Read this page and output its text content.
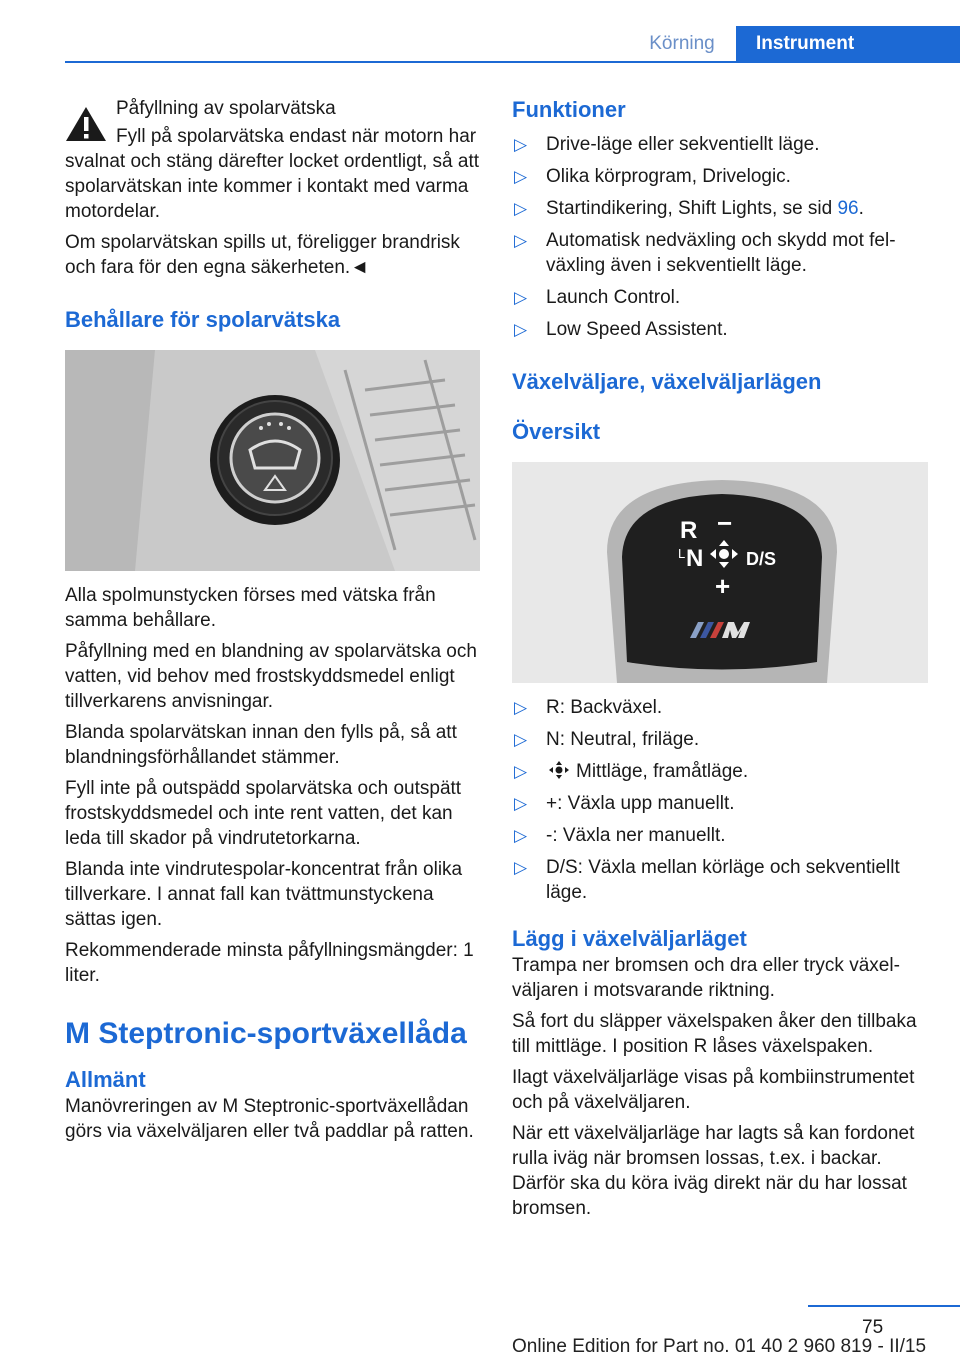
Körning	Instrument

Påfyllning av spolarvätska

Fyll på spolarvätska endast när motorn har svalnat och stäng därefter locket ordentligt, så att spolarvätskan inte kommer i kontakt med varma motordelar.

Om spolarvätskan spills ut, föreligger brandrisk och fara för den egna säkerheten.◄

Behållare för spolarvätska

Alla spolmunstycken förses med vätska från samma behållare.

Påfyllning med en blandning av spolarvätska och vatten, vid behov med frostskyddsmedel enligt tillverkarens anvisningar.

Blanda spolarvätskan innan den fylls på, så att blandningsförhållandet stämmer.

Fyll inte på outspädd spolarvätska och outspätt frostskyddsmedel och inte rent vatten, det kan leda till skador på vindrutetorkarna.

Blanda inte vindrutespolar-koncentrat från olika tillverkare. I annat fall kan tvättmunstyckena sättas igen.

Rekommenderade minsta påfyllningsmängder: 1 liter.

M Steptronic-sportväxellåda
Allmänt

Manövreringen av M Steptronic-sportväxellådan görs via växelväljaren eller två paddlar på ratten.

Funktioner
▷ Drive-läge eller sekventiellt läge.
▷ Olika körprogram, Drivelogic.
▷ Startindikering, Shift Lights, se sid 96.
▷ Automatisk nedväxling och skydd mot felväxling även i sekventiellt läge.
▷ Launch Control.
▷ Low Speed Assistent.
Växelväljare, växelväljarlägen
Översikt
R −
L N D/S
+
▷ R: Backväxel.
▷ N: Neutral, friläge.
▷	Mittläge, framåtläge.
▷ +: Växla upp manuellt.
▷ -: Växla ner manuellt.
▷ D/S: Växla mellan körläge och sekventiellt läge.
Lägg i växelväljarläget

Trampa ner bromsen och dra eller tryck växelväljaren i motsvarande riktning.

Så fort du släpper växelspaken åker den tillbaka till mittläge. I position R låses växelspaken.

Ilagt växelväljarläge visas på kombiinstrumentet och på växelväljaren.

När ett växelväljarläge har lagts så kan fordonet rulla iväg när bromsen lossas, t.ex. i backar. Därför ska du köra iväg direkt när du har lossat bromsen.

75
Online Edition for Part no. 01 40 2 960 819 - II/15
